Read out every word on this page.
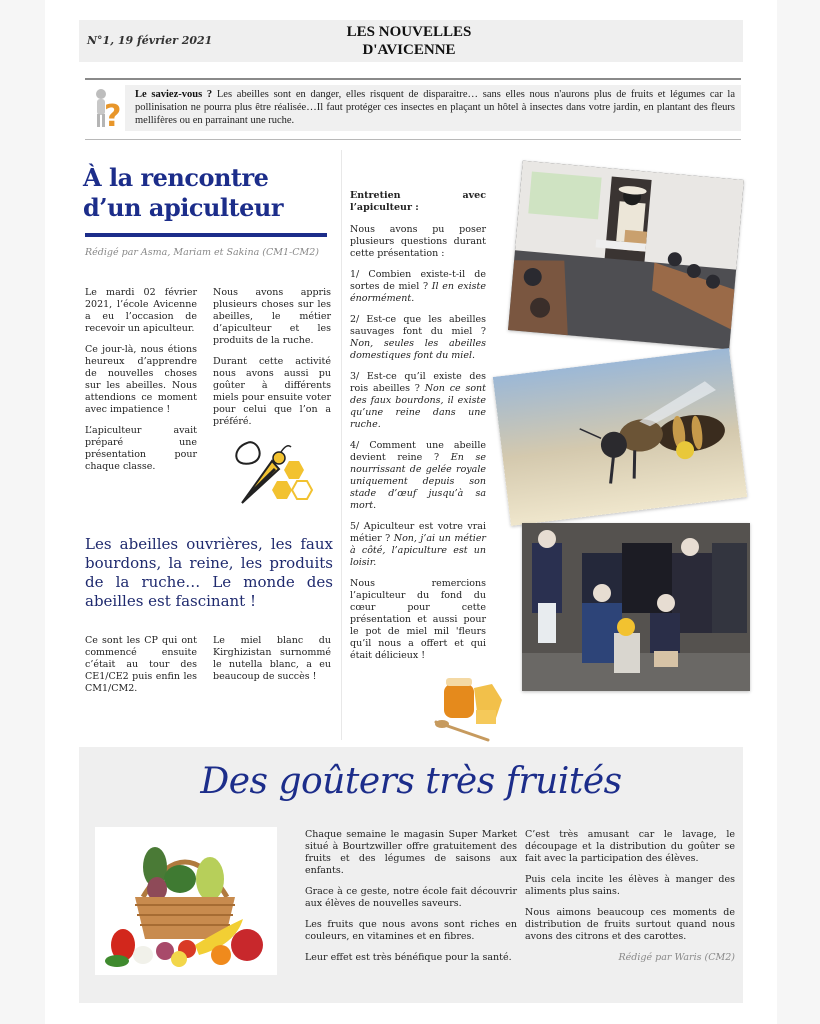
N°1, 19 février 2021
LES NOUVELLES
D'AVICENNE
?
Le saviez-vous ? Les abeilles sont en danger, elles risquent de disparaitre… sans elles nous n'aurons plus de fruits et légumes car la pollinisation ne pourra plus être réalisée…Il faut protéger ces insectes en plaçant un hôtel à insectes dans votre jardin, en plantant des fleurs mellifères ou en parrainant une ruche.
À la rencontre d’un apiculteur
Rédigé par Asma, Mariam et Sakina (CM1-CM2)

Le mardi 02 février 2021, l’école Avicenne a eu l’occasion de recevoir un apiculteur.

Ce jour-là, nous étions heureux d’apprendre de nouvelles choses sur les abeilles. Nous attendions ce moment avec impatience !

L’apiculteur avait préparé une présentation pour chaque classe.

Nous avons appris plusieurs choses sur les abeilles, le métier d’apiculteur et les produits de la ruche.

Durant cette activité nous avons aussi pu goûter à différents miels pour ensuite voter pour celui que l’on a préféré.

Les abeilles ouvrières, les faux bourdons, la reine, les produits de la ruche… Le monde des abeilles est fascinant !

Ce sont les CP qui ont commencé ensuite c’était au tour des CE1/CE2 puis enfin les CM1/CM2.

Le miel blanc du Kirghizistan surnommé le nutella blanc, a eu beaucoup de succès !

Entretien avec l’apiculteur :

Nous avons pu poser plusieurs questions durant cette présentation :

1/ Combien existe-t-il de sortes de miel ? Il en existe énormément.

2/ Est-ce que les abeilles sauvages font du miel ? Non, seules les abeilles domestiques font du miel.

3/ Est-ce qu’il existe des rois abeilles ? Non ce sont des faux bourdons, il existe qu’une reine dans une ruche.

4/ Comment une abeille devient reine ? En se nourrissant de gelée royale uniquement depuis son stade d’œuf jusqu’à sa mort.

5/ Apiculteur est votre vrai métier ? Non, j’ai un métier à côté, l’apiculture est un loisir.

Nous remercions l’apiculteur du fond du cœur pour cette présentation et aussi pour le pot de miel mil 'fleurs qu’il nous a offert et qui était délicieux !

Des goûters très fruités

Chaque semaine le magasin Super Market situé à Bourtzwiller offre gratuitement des fruits et des légumes de saisons aux enfants.

Grace à ce geste, notre école fait découvrir aux élèves de nouvelles saveurs.

Les fruits que nous avons sont riches en couleurs, en vitamines et en fibres.

Leur effet est très bénéfique pour la santé.

C’est très amusant car le lavage, le découpage et la distribution du goûter se fait avec la participation des élèves.

Puis cela incite les élèves à manger des aliments plus sains.

Nous aimons beaucoup ces moments de distribution de fruits surtout quand nous avons des citrons et des carottes.

Rédigé par Waris (CM2)
